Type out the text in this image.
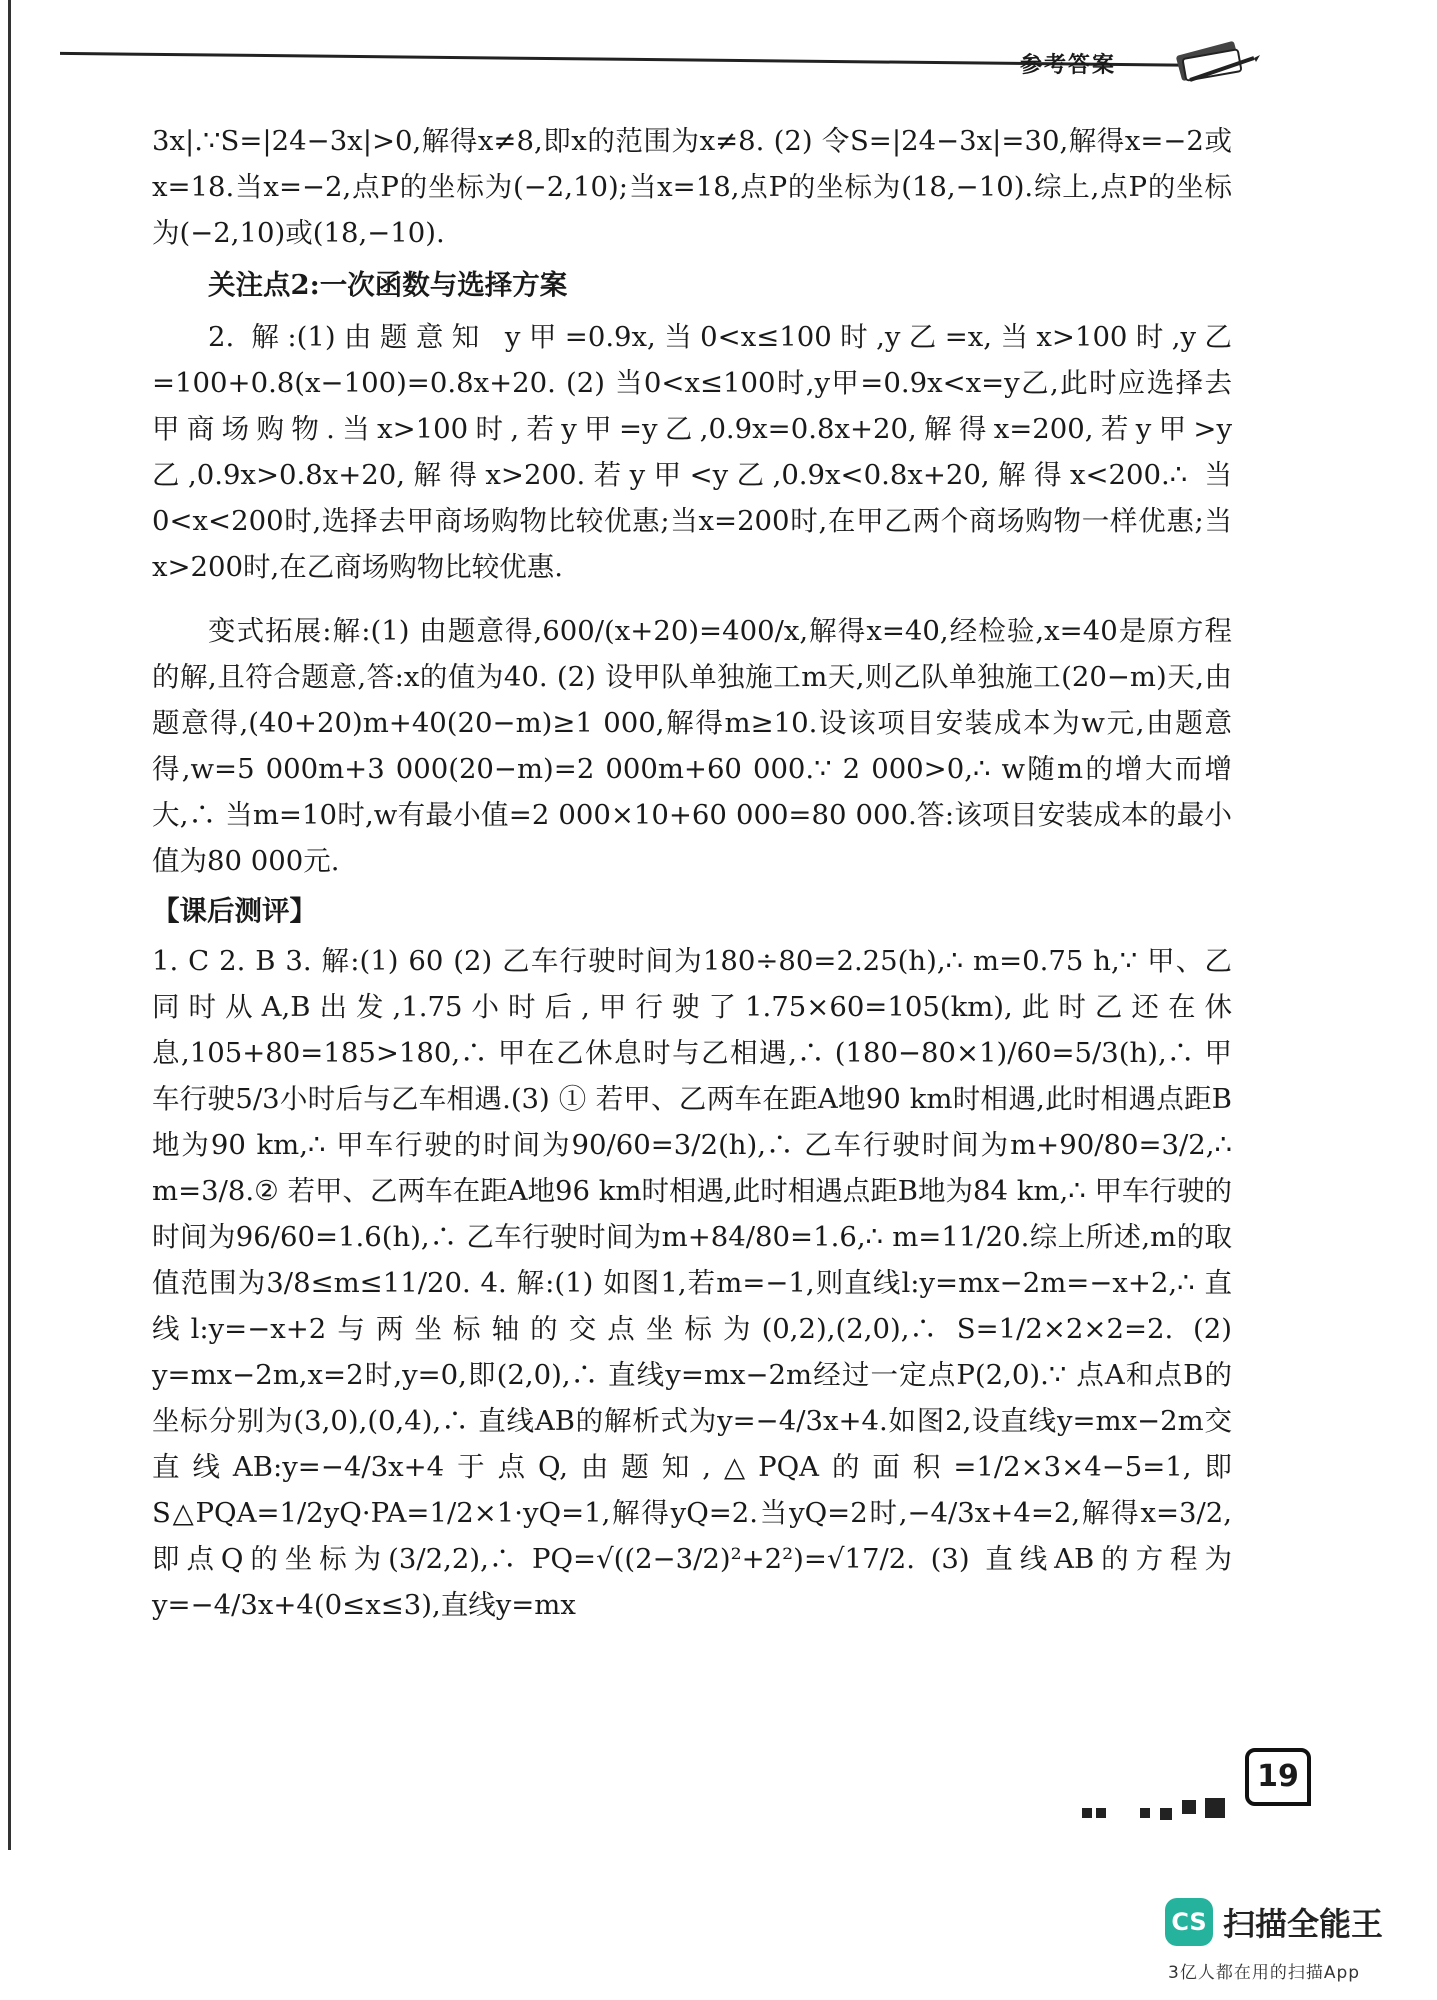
参考答案

3x|.∵S=|24−3x|>0,解得x≠8,即x的范围为x≠8. (2) 令S=|24−3x|=30,解得x=−2或x=18.当x=−2,点P的坐标为(−2,10);当x=18,点P的坐标为(18,−10).综上,点P的坐标为(−2,10)或(18,−10).

关注点2:一次函数与选择方案

2. 解:(1)由题意知 y甲=0.9x,当0<x≤100时,y乙=x,当x>100时,y乙=100+0.8(x−100)=0.8x+20. (2) 当0<x≤100时,y甲=0.9x<x=y乙,此时应选择去甲商场购物.当x>100时,若y甲=y乙,0.9x=0.8x+20,解得x=200,若y甲>y乙,0.9x>0.8x+20,解得x>200.若y甲<y乙,0.9x<0.8x+20,解得x<200.∴ 当0<x<200时,选择去甲商场购物比较优惠;当x=200时,在甲乙两个商场购物一样优惠;当x>200时,在乙商场购物比较优惠.

变式拓展:解:(1) 由题意得,600/(x+20)=400/x,解得x=40,经检验,x=40是原方程的解,且符合题意,答:x的值为40. (2) 设甲队单独施工m天,则乙队单独施工(20−m)天,由题意得,(40+20)m+40(20−m)≥1 000,解得m≥10.设该项目安装成本为w元,由题意得,w=5 000m+3 000(20−m)=2 000m+60 000.∵ 2 000>0,∴ w随m的增大而增大,∴ 当m=10时,w有最小值=2 000×10+60 000=80 000.答:该项目安装成本的最小值为80 000元.

【课后测评】

1. C 2. B 3. 解:(1) 60 (2) 乙车行驶时间为180÷80=2.25(h),∴ m=0.75 h,∵ 甲、乙同时从A,B出发,1.75小时后,甲行驶了1.75×60=105(km),此时乙还在休息,105+80=185>180,∴ 甲在乙休息时与乙相遇,∴ (180−80×1)/60=5/3(h),∴ 甲车行驶5/3小时后与乙车相遇.(3) ① 若甲、乙两车在距A地90 km时相遇,此时相遇点距B地为90 km,∴ 甲车行驶的时间为90/60=3/2(h),∴ 乙车行驶时间为m+90/80=3/2,∴ m=3/8.② 若甲、乙两车在距A地96 km时相遇,此时相遇点距B地为84 km,∴ 甲车行驶的时间为96/60=1.6(h),∴ 乙车行驶时间为m+84/80=1.6,∴ m=11/20.综上所述,m的取值范围为3/8≤m≤11/20. 4. 解:(1) 如图1,若m=−1,则直线l:y=mx−2m=−x+2,∴ 直线l:y=−x+2与两坐标轴的交点坐标为(0,2),(2,0),∴ S=1/2×2×2=2. (2) y=mx−2m,x=2时,y=0,即(2,0),∴ 直线y=mx−2m经过一定点P(2,0).∵ 点A和点B的坐标分别为(3,0),(0,4),∴ 直线AB的解析式为y=−4/3x+4.如图2,设直线y=mx−2m交直线AB:y=−4/3x+4于点Q,由题知,△PQA的面积=1/2×3×4−5=1,即S△PQA=1/2yQ·PA=1/2×1·yQ=1,解得yQ=2.当yQ=2时,−4/3x+4=2,解得x=3/2,即点Q的坐标为(3/2,2),∴ PQ=√((2−3/2)²+2²)=√17/2. (3) 直线AB的方程为y=−4/3x+4(0≤x≤3),直线y=mx

19
CS 扫描全能王
3亿人都在用的扫描App
